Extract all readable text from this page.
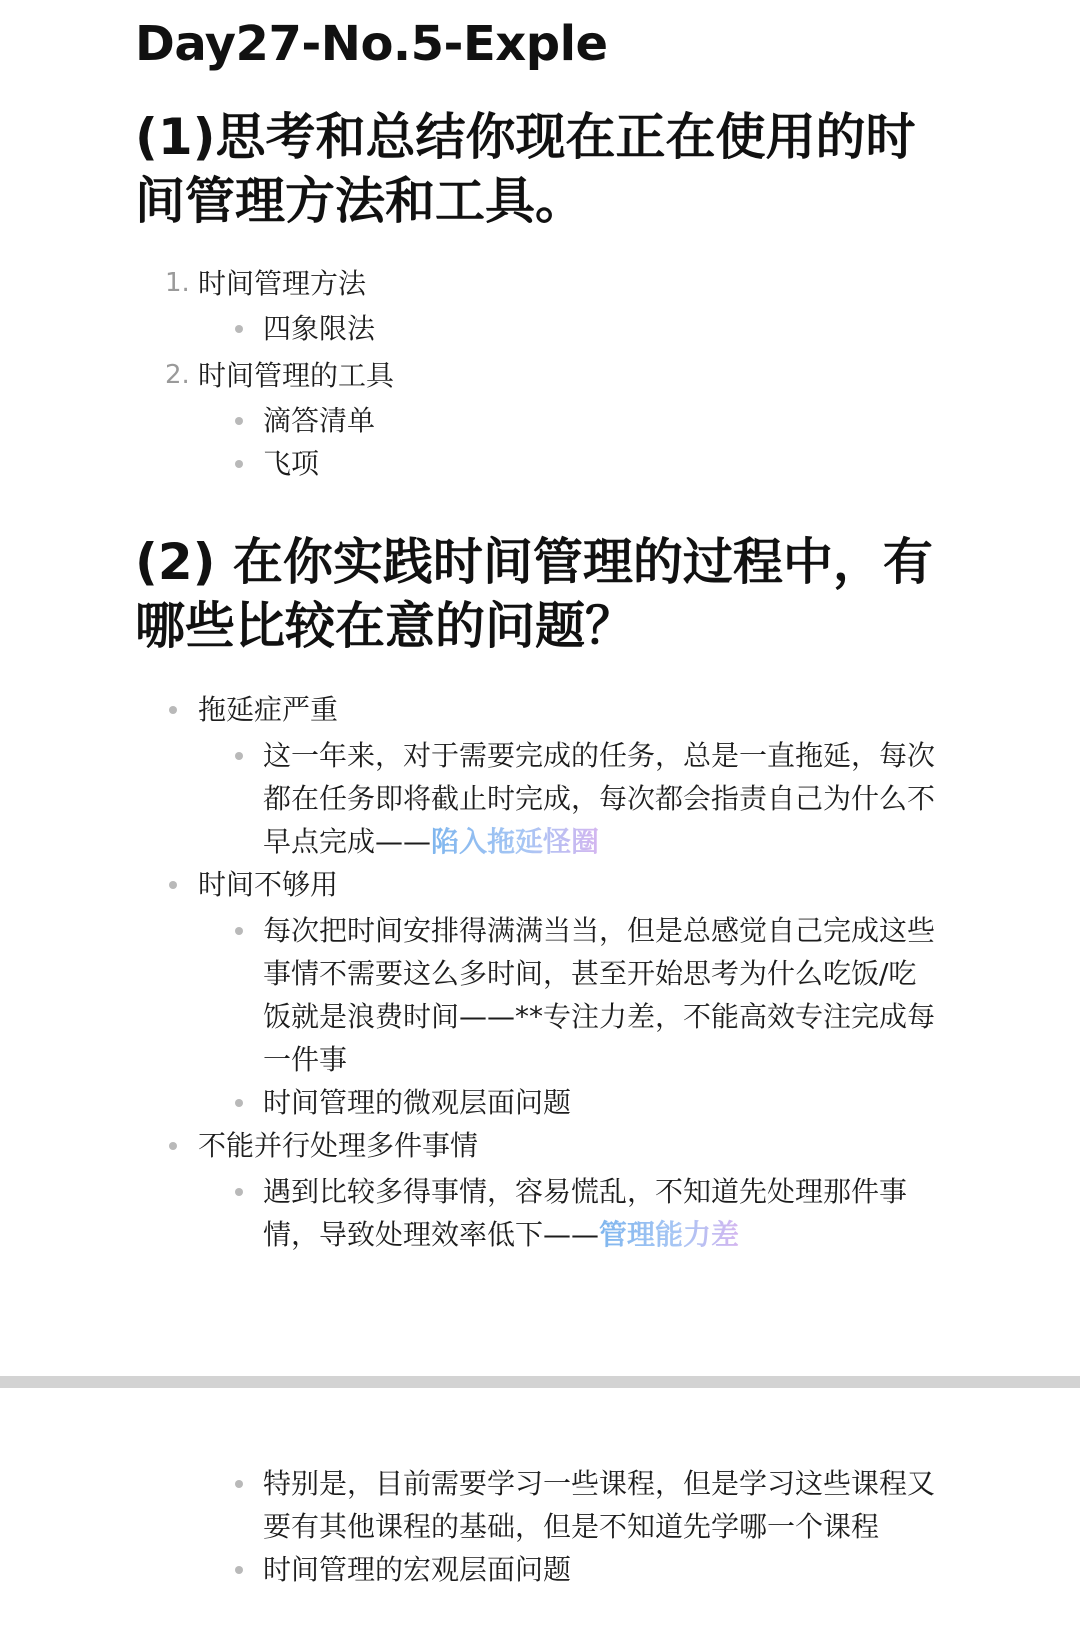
Day27-No.5-Exple
(1)思考和总结你现在正在使用的时间管理方法和工具。
1. 时间管理方法
四象限法
2. 时间管理的工具
滴答清单
飞项
(2) 在你实践时间管理的过程中，有哪些比较在意的问题？
拖延症严重
这一年来，对于需要完成的任务，总是一直拖延，每次都在任务即将截止时完成，每次都会指责自己为什么不早点完成——陷入拖延怪圈
时间不够用
每次把时间安排得满满当当，但是总感觉自己完成这些事情不需要这么多时间，甚至开始思考为什么吃饭/吃饭就是浪费时间——**专注力差，不能高效专注完成每一件事
时间管理的微观层面问题
不能并行处理多件事情
遇到比较多得事情，容易慌乱，不知道先处理那件事情，导致处理效率低下——管理能力差
特别是，目前需要学习一些课程，但是学习这些课程又要有其他课程的基础，但是不知道先学哪一个课程
时间管理的宏观层面问题
